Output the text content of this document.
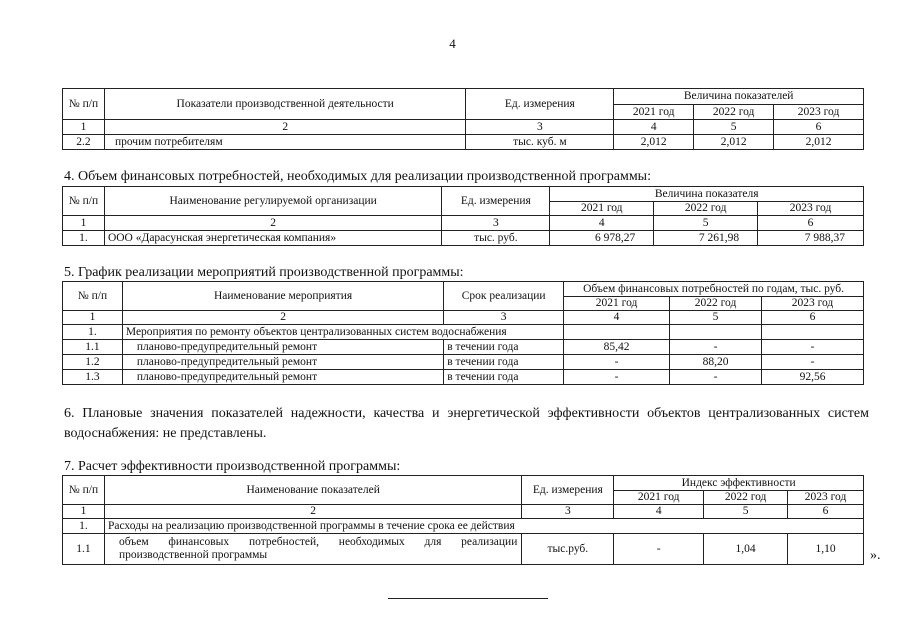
4
№ п/п	Показатели производственной деятельности	Ед. измерения	Величина показателей		
			2021 год	2022 год	2023 год
1	2	3	4	5	6
2.2	прочим потребителям	тыс. куб. м	2,012	2,012	2,012
4. Объем финансовых потребностей, необходимых для реализации производственной программы:
№ п/п	Наименование регулируемой организации	Ед. измерения	Величина показателя		
			2021 год	2022 год	2023 год
1	2	3	4	5	6
1.	ООО «Дарасунская энергетическая компания»	тыс. руб.	6 978,27	7 261,98	7 988,37
5. График реализации мероприятий производственной программы:
№ п/п	Наименование мероприятия	Срок реализации	Объем финансовых потребностей по годам, тыс. руб.		
			2021 год	2022 год	2023 год
1	2	3	4	5	6
1.	Мероприятия по ремонту объектов централизованных систем водоснабжения				
1.1	планово-предупредительный ремонт	в течении года	85,42	-	-
1.2	планово-предупредительный ремонт	в течении года	-	88,20	-
1.3	планово-предупредительный ремонт	в течении года	-	-	92,56
6. Плановые значения показателей надежности, качества и энергетической эффективности объектов централизованных систем водоснабжения: не представлены.
7. Расчет эффективности производственной программы:
№ п/п	Наименование показателей	Ед. измерения	Индекс эффективности		
			2021 год	2022 год	2023 год
1	2	3	4	5	6
1.	Расходы на реализацию производственной программы в течение срока ее действия				
1.1	объем финансовых потребностей, необходимых для реализации производственной программы	тыс.руб.	-	1,04	1,10 ».
